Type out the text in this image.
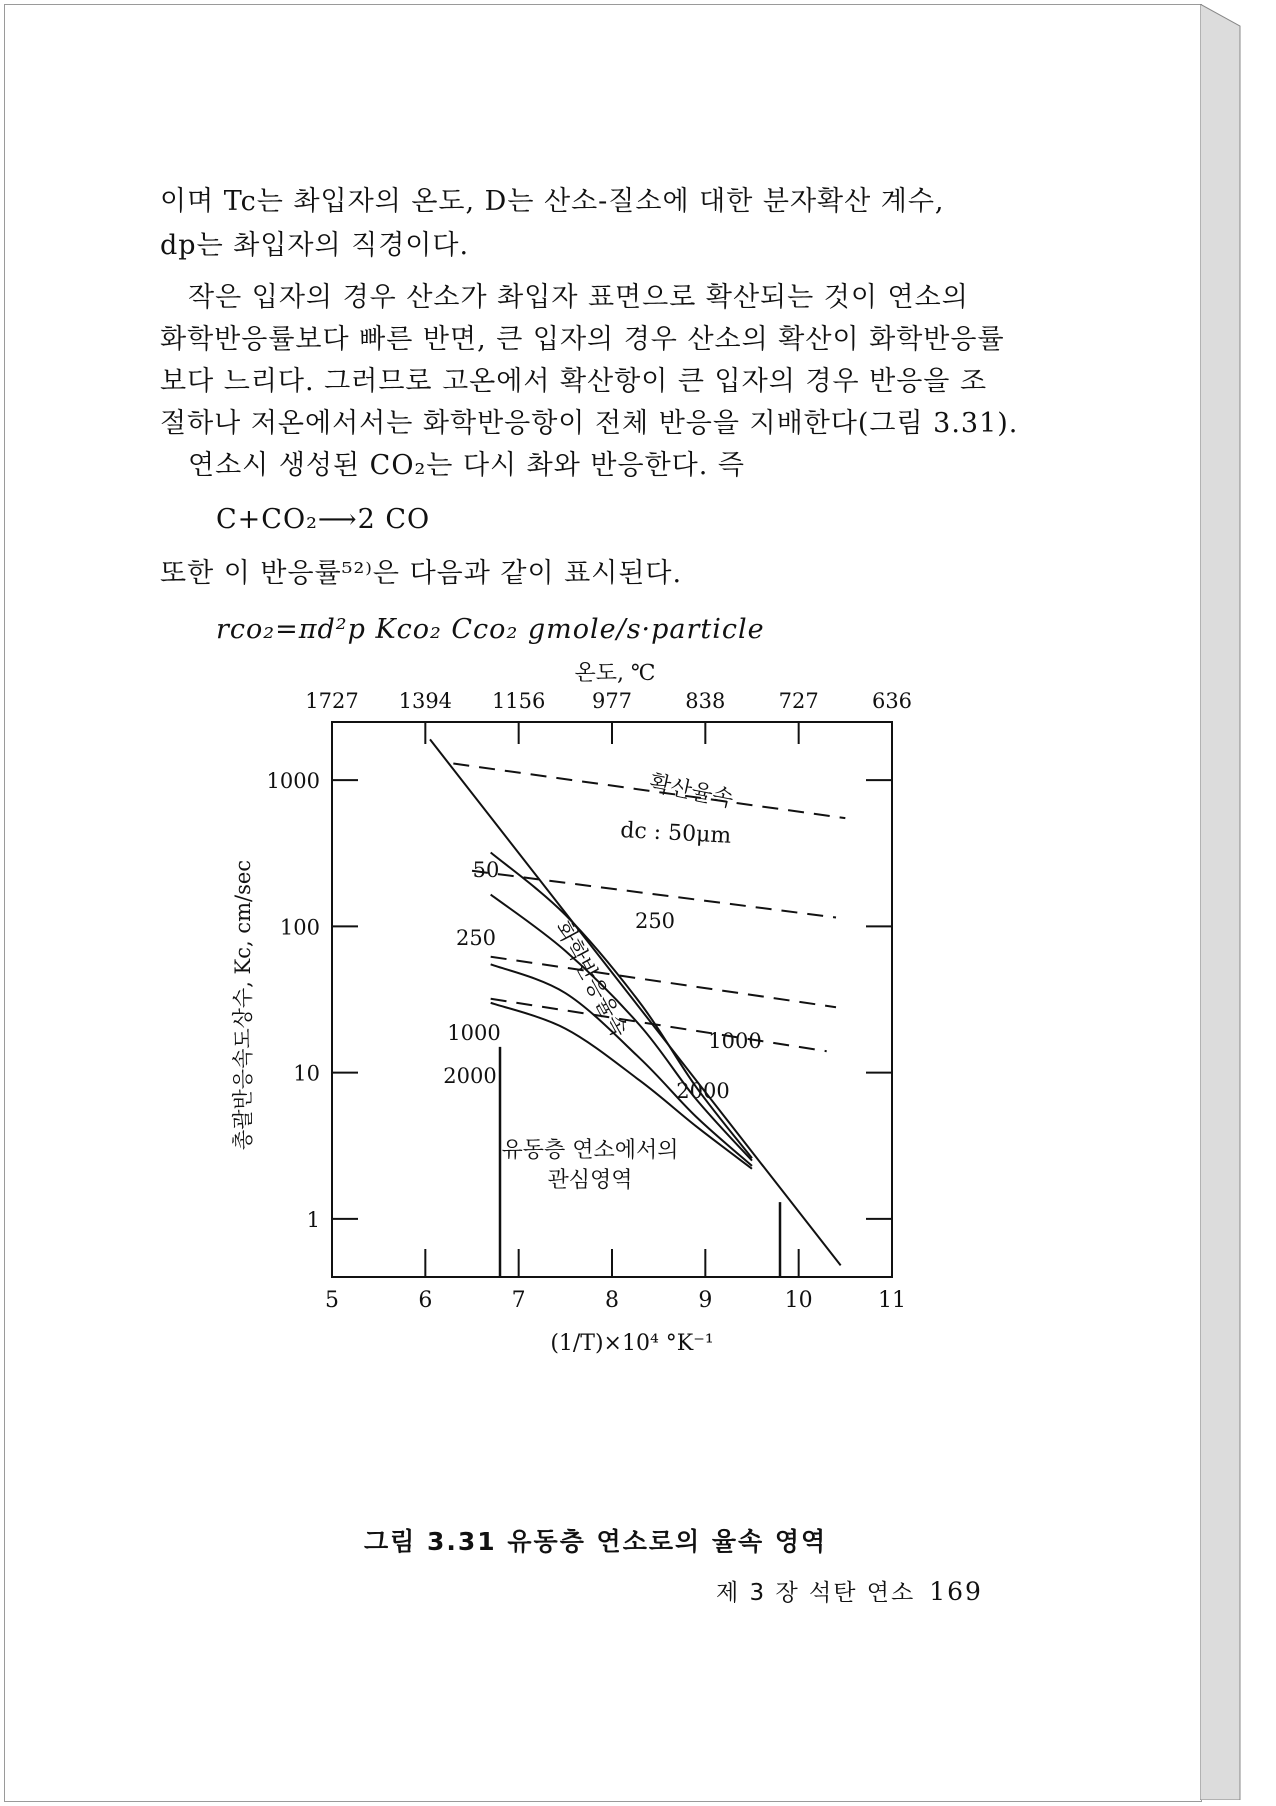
이며 Tc는 촤입자의 온도, D는 산소-질소에 대한 분자확산 계수,
dp는 촤입자의 직경이다.
작은 입자의 경우 산소가 촤입자 표면으로 확산되는 것이 연소의
화학반응률보다 빠른 반면, 큰 입자의 경우 산소의 확산이 화학반응률
보다 느리다. 그러므로 고온에서 확산항이 큰 입자의 경우 반응을 조
절하나 저온에서서는 화학반응항이 전체 반응을 지배한다(그림 3.31).
연소시 생성된 CO₂는 다시 촤와 반응한다. 즉
C+CO₂⟶2 CO
또한 이 반응률⁵²⁾은 다음과 같이 표시된다.
rco₂=πd²p Kco₂ Cco₂ gmole/s·particle
온도, ℃
1727 1394 1156 977	838	727	636
5	6	7	8	9	10	11
1
10
100
1000	확산율속
dc : 50μm
화학반응율속
유동층 연소에서의
관심영역
50
250
1000
2000
250
1000
2000
(1/T)×10⁴ °K⁻¹
총괄반응속도상수, Kc, cm/sec
그림 3.31 유동층 연소로의 율속 영역
제 3 장 석탄 연소 169
